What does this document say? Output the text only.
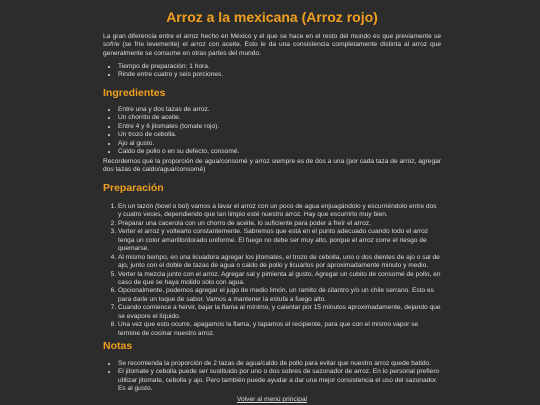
Arroz a la mexicana (Arroz rojo)

La gran diferencia entre el arroz hecho en México y el que se hace en el resto del mundo es que previamente se sofríe (se fríe levemente) el arroz con aceite. Esto le da una consistencia completamente distinta al arroz que generalmente se consume en otras partes del mundo.

• Tiempo de preparación: 1 hora.
• Rinde entre cuatro y seis porciones.
Ingredientes
• Entre una y dos tazas de arroz.
• Un chorrito de aceite.
• Entre 4 y 6 jitomates (tomate rojo).
• Un trozo de cebolla.
• Ajo al gusto.
• Caldo de pollo o en su defecto, consomé.

Recordemos que la proporción de agua/consomé y arroz siempre es de dos a una (por cada taza de arroz, agregar dos tazas de caldo/agua/consomé)

Preparación
1. En un tazón (bowl o bol) vamos a lavar el arroz con un poco de agua enjuagándolo y escurriéndolo entre dos y cuatro veces, dependiendo que tan limpio esté nuestro arroz. Hay que escurrirlo muy bien.
2. Preparar una cacerola con un chorro de aceite, lo suficiente para poder a freír el arroz.
3. Verter el arroz y voltearlo constantemente. Sabremos que está en el punto adecuado cuando todo el arroz tenga un color amarillo/dorado uniforme. El fuego no debe ser muy alto, porque el arroz corre el riesgo de quemarse.
4. Al mismo tiempo, en una licuadora agregar los jitomates, el trozo de cebolla, uno o dos dientes de ajo o sal de ajo, junto con el doble de tazas de agua o caldo de pollo y licuarlos por aproximadamente minuto y medio.
5. Verter la mezcla junto con el arroz. Agregar sal y pimienta al gusto. Agregar un cubito de consomé de pollo, en caso de que se haya molido solo con agua.
6. Opcionalmente, podemos agregar el jugo de medio limón, un ramito de cilantro y/o un chile serrano. Esto es para darle un toque de sabor. Vamos a mantener la estufa a fuego alto.
7. Cuando comience a hervir, bajar la flama al mínimo, y calentar por 15 minutos aproximadamente, dejando que se evapore el líquido.
8. Una vez que esto ocurre, apagamos la flama, y tapamos el recipiente, para que con el mismo vapor se termine de cocinar nuestro arroz.
Notas
• Se recomienda la proporción de 2 tazas de agua/caldo de pollo para evitar que nuestro arroz quede batido.
• El jitomate y cebolla puede ser sustituido por uno o dos sobres de sazonador de arroz. En lo personal prefiero utilizar jitomate, cebolla y ajo. Pero también puede ayudar a dar una mejor consistencia el uso del sazonador. Es al gusto.
Volver al menú principal
